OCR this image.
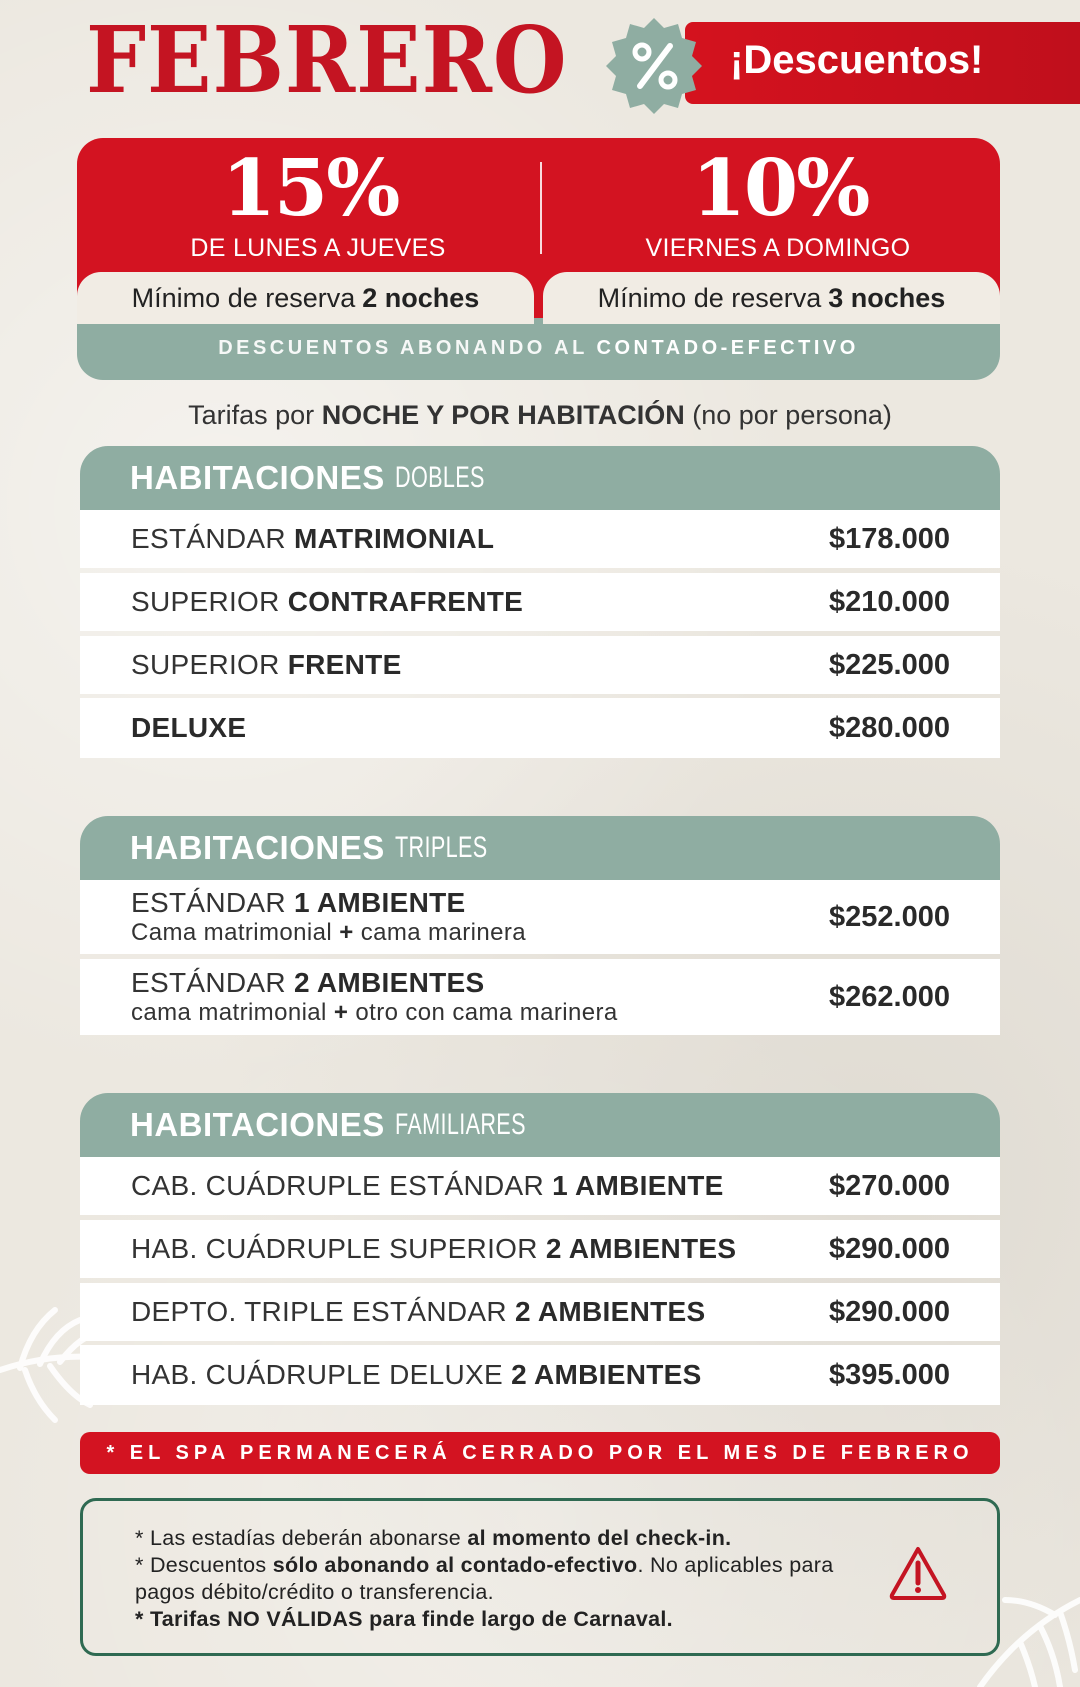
FEBRERO	¡Descuentos!
15%
DE LUNES A JUEVES
10%
VIERNES A DOMINGO
Mínimo de reserva 2 noches	Mínimo de reserva 3 noches
DESCUENTOS ABONANDO AL CONTADO-EFECTIVO
Tarifas por NOCHE Y POR HABITACIÓN (no por persona)
HABITACIONES DOBLES
ESTÁNDAR MATRIMONIAL	$178.000
SUPERIOR CONTRAFRENTE	$210.000
SUPERIOR FRENTE	$225.000
DELUXE	$280.000
HABITACIONES TRIPLES
ESTÁNDAR 1 AMBIENTE
Cama matrimonial + cama marinera	$252.000
ESTÁNDAR 2 AMBIENTES
cama matrimonial + otro con cama marinera	$262.000
HABITACIONES FAMILIARES
CAB. CUÁDRUPLE ESTÁNDAR 1 AMBIENTE	$270.000
HAB. CUÁDRUPLE SUPERIOR 2 AMBIENTES	$290.000
DEPTO. TRIPLE ESTÁNDAR 2 AMBIENTES	$290.000
HAB. CUÁDRUPLE DELUXE 2 AMBIENTES	$395.000
* EL SPA PERMANECERÁ CERRADO POR EL MES DE FEBRERO
* Las estadías deberán abonarse al momento del check-in.
* Descuentos sólo abonando al contado-efectivo. No aplicables para pagos débito/crédito o transferencia.
* Tarifas NO VÁLIDAS para finde largo de Carnaval.
